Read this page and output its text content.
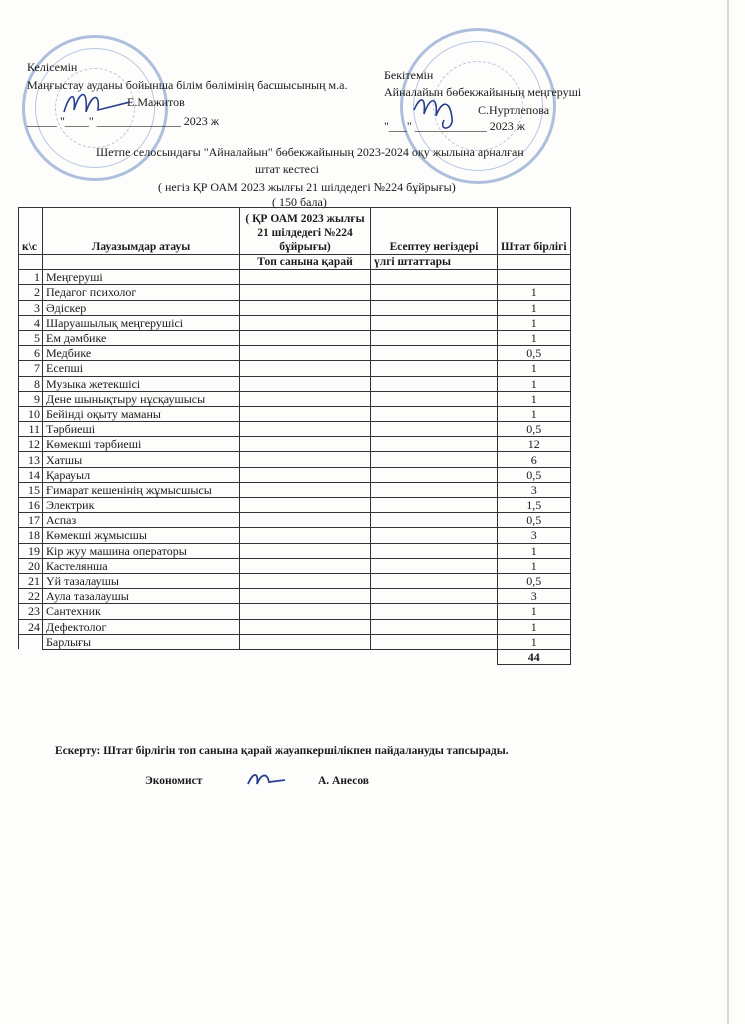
Келісемін
Маңғыстау ауданы бойынша білім бөлімінің басшысының м.а.
Е.Мажитов
_____ "____" ______________ 2023 ж
Бекітемін
Айналайын бөбекжайының меңгерушi
С.Нуртлепова
"___" ____________ 2023 ж
Шетпе селосындағы "Айналайын" бөбекжайының 2023-2024 оқу жылына арналған
штат кестесі
( негіз ҚР ОАМ 2023 жылғы 21 шілдедегі №224 бұйрығы)
( 150 бала)
к\с	Лауазымдар атауы	( ҚР ОАМ 2023 жылғы 21 шілдедегі №224 бұйрығы)	Есептеу негіздері	Штат бірлігі
		Топ санына қарай	үлгі штаттары	
1	Меңгеруші			
2	Педагог психолог			1
3	Әдіскер			1
4	Шаруашылық меңгерушісі			1
5	Ем дәмбике			1
6	Медбике			0,5
7	Есепші			1
8	Музыка жетекшісі			1
9	Дене шынықтыру нұсқаушысы			1
10	Бейінді оқыту маманы			1
11	Тәрбиеші			0,5
12	Көмекші тәрбиеші			12
13	Хатшы			6
14	Қарауыл			0,5
15	Ғимарат кешенінің жұмысшысы			3
16	Электрик			1,5
17	Аспаз			0,5
18	Көмекші жұмысшы			3
19	Кір жуу машина операторы			1
20	Кастелянша			1
21	Үй тазалаушы			0,5
22	Аула тазалаушы			3
23	Сантехник			1
24	Дефектолог			1
	Барлығы			1
				44
Ескерту: Штат бірлігін топ санына қарай жауапкершілікпен пайдалануды тапсырады.
Экономист	А. Анесов
